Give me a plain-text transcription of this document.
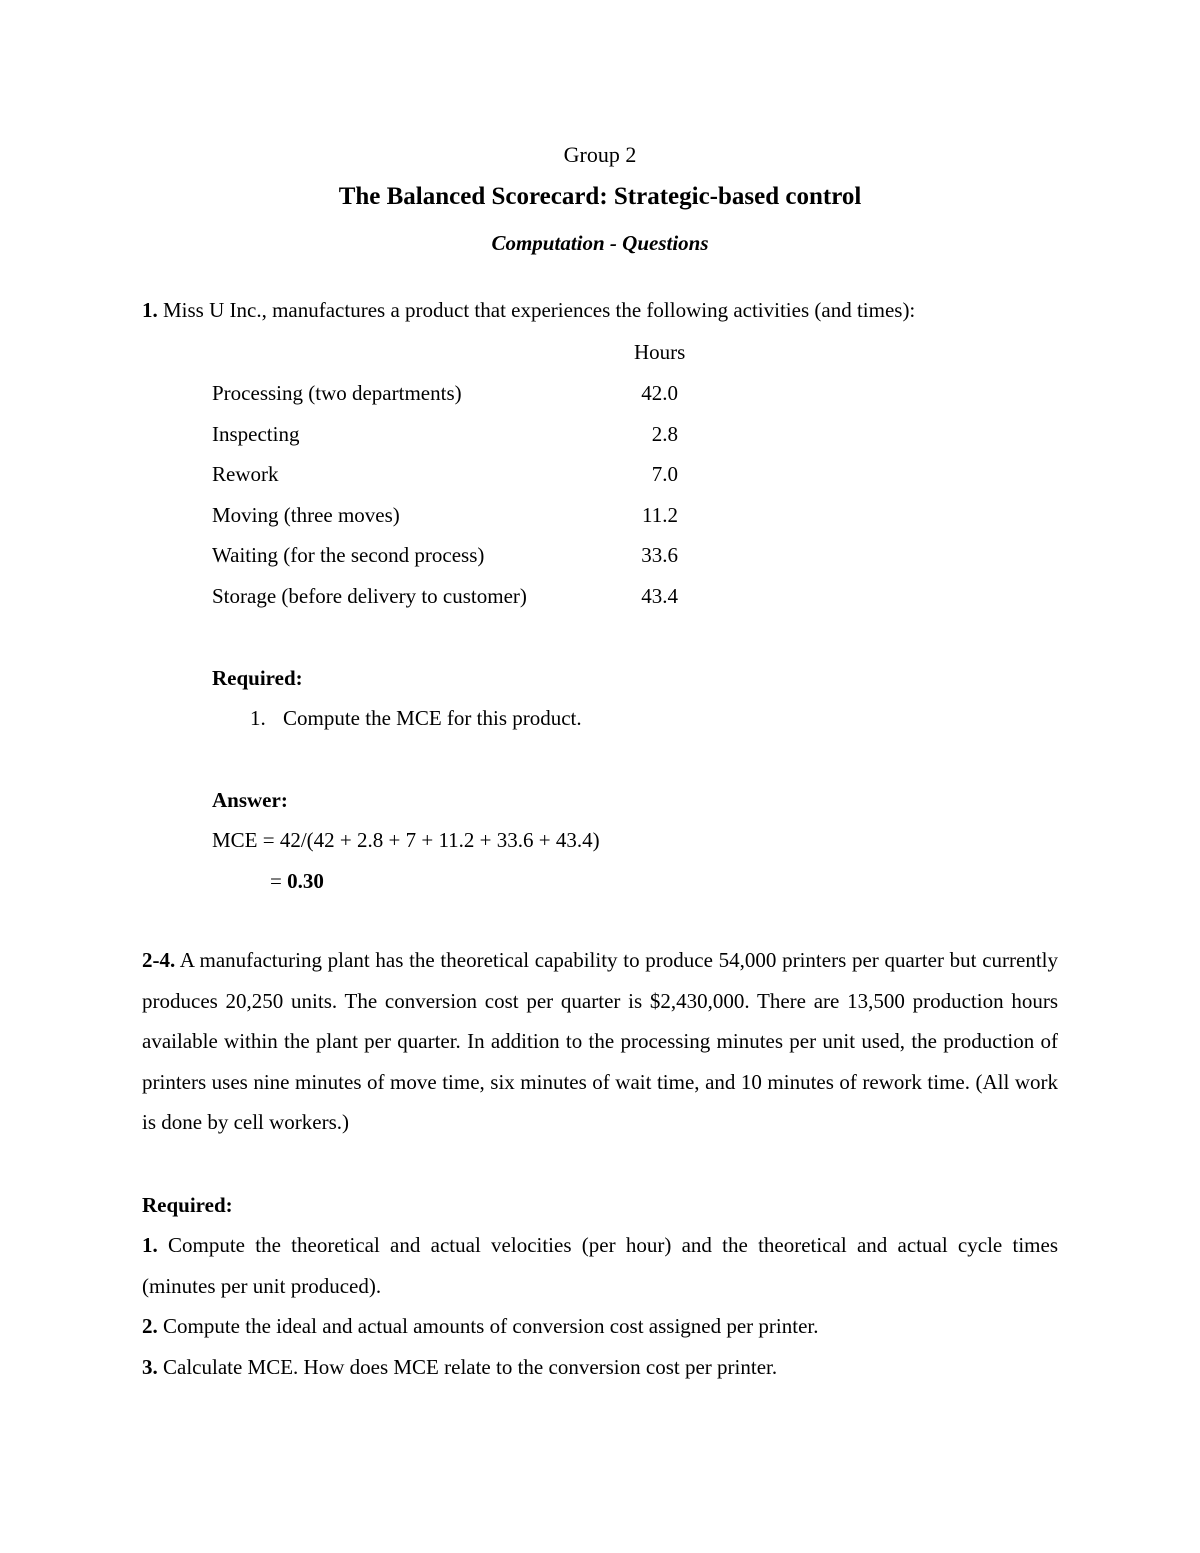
Group 2
The Balanced Scorecard: Strategic-based control
Computation - Questions
1. Miss U Inc., manufactures a product that experiences the following activities (and times):
Hours
Processing (two departments)	42.0
Inspecting	2.8
Rework	7.0
Moving (three moves)	11.2
Waiting (for the second process)	33.6
Storage (before delivery to customer)	43.4
Required:
1. Compute the MCE for this product.
Answer:
MCE = 42/(42 + 2.8 + 7 + 11.2 + 33.6 + 43.4)
= 0.30
2-4. A manufacturing plant has the theoretical capability to produce 54,000 printers per quarter but currently produces 20,250 units. The conversion cost per quarter is $2,430,000. There are 13,500 production hours available within the plant per quarter. In addition to the processing minutes per unit used, the production of printers uses nine minutes of move time, six minutes of wait time, and 10 minutes of rework time. (All work is done by cell workers.)
Required:
1. Compute the theoretical and actual velocities (per hour) and the theoretical and actual cycle times (minutes per unit produced).
2. Compute the ideal and actual amounts of conversion cost assigned per printer.
3. Calculate MCE. How does MCE relate to the conversion cost per printer.
